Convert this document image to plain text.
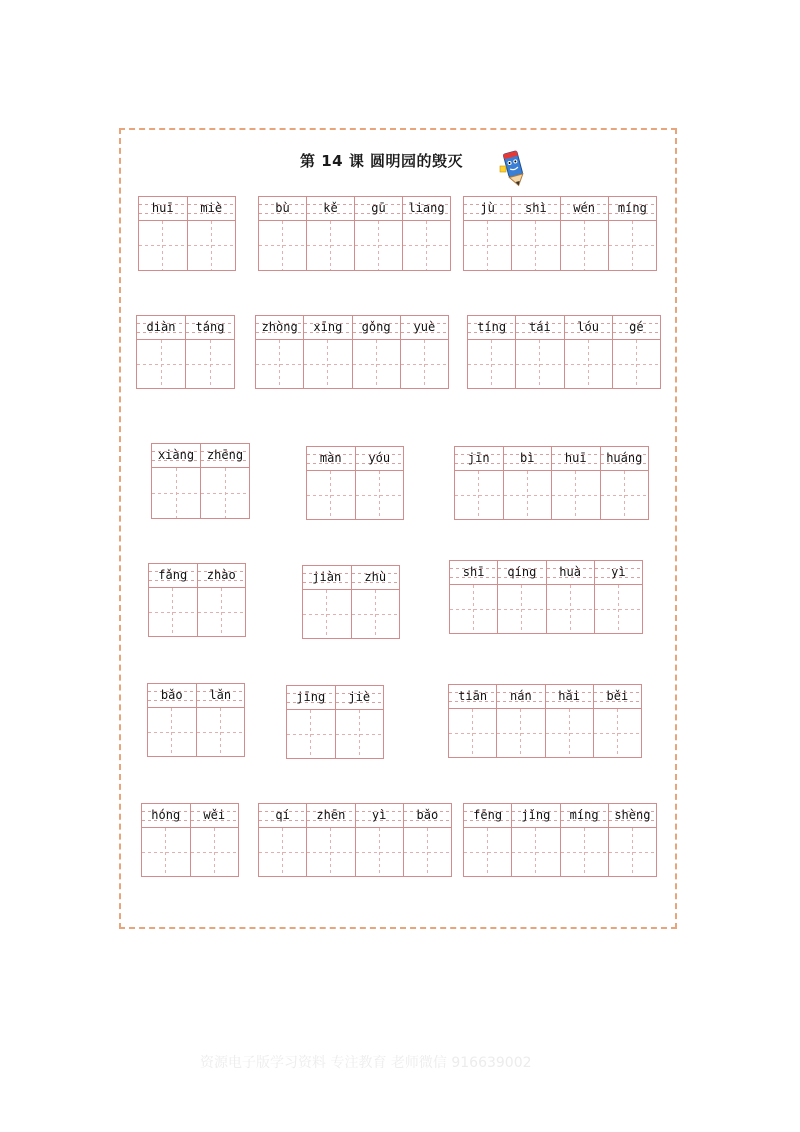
第 14 课 圆明园的毁灭
huī	miè	bù	kě	gū	liang	jù	shì	wén	míng
diàn	táng	zhòng	xīng	gǒng	yuè	tíng	tái	lóu	gé
xiàng	zhēng	màn	yóu	jīn	bì	huī	huáng
fǎng	zhào	jiàn	zhù	shī	qíng	huà	yì
bǎo	lǎn	jīng	jiè	tiān	nán	hǎi	běi
hóng	wěi	qí	zhēn	yì	bǎo	fēng	jǐng	míng	shèng
资源电子版学习资料 专注教育 老师微信 916639002
